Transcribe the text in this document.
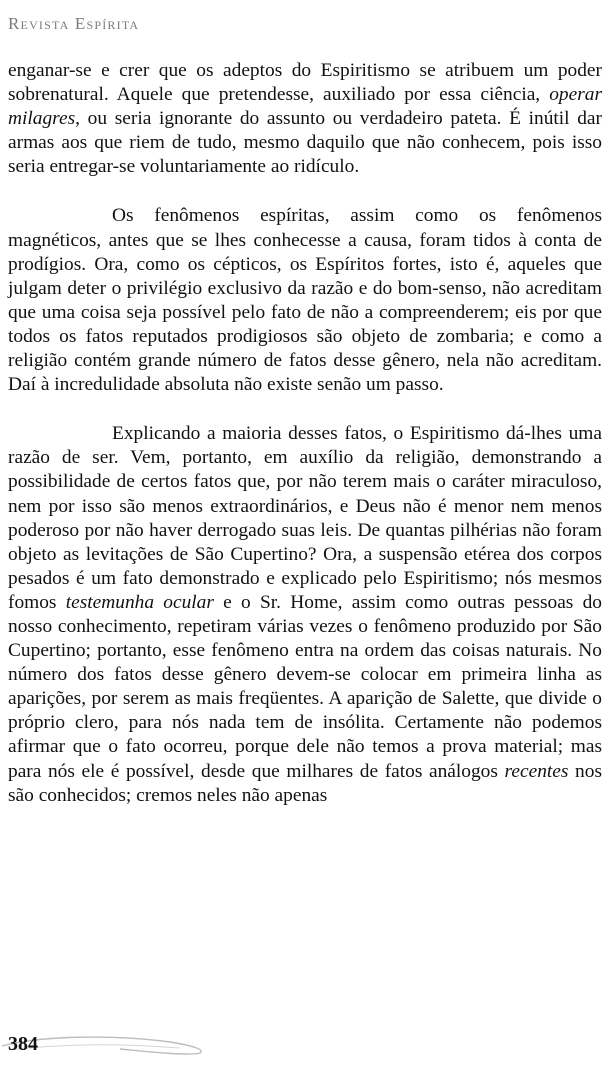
Revista Espírita

enganar-se e crer que os adeptos do Espiritismo se atribuem um poder sobrenatural. Aquele que pretendesse, auxiliado por essa ciência, operar milagres, ou seria ignorante do assunto ou verdadeiro pateta. É inútil dar armas aos que riem de tudo, mesmo daquilo que não conhecem, pois isso seria entregar-se voluntariamente ao ridículo.

Os fenômenos espíritas, assim como os fenômenos magnéticos, antes que se lhes conhecesse a causa, foram tidos à conta de prodígios. Ora, como os cépticos, os Espíritos fortes, isto é, aqueles que julgam deter o privilégio exclusivo da razão e do bom-senso, não acreditam que uma coisa seja possível pelo fato de não a compreenderem; eis por que todos os fatos reputados prodigiosos são objeto de zombaria; e como a religião contém grande número de fatos desse gênero, nela não acreditam. Daí à incredulidade absoluta não existe senão um passo.

Explicando a maioria desses fatos, o Espiritismo dá-lhes uma razão de ser. Vem, portanto, em auxílio da religião, demonstrando a possibilidade de certos fatos que, por não terem mais o caráter miraculoso, nem por isso são menos extraordinários, e Deus não é menor nem menos poderoso por não haver derrogado suas leis. De quantas pilhérias não foram objeto as levitações de São Cupertino? Ora, a suspensão etérea dos corpos pesados é um fato demonstrado e explicado pelo Espiritismo; nós mesmos fomos testemunha ocular e o Sr. Home, assim como outras pessoas do nosso conhecimento, repetiram várias vezes o fenômeno produzido por São Cupertino; portanto, esse fenômeno entra na ordem das coisas naturais. No número dos fatos desse gênero devem-se colocar em primeira linha as aparições, por serem as mais freqüentes. A aparição de Salette, que divide o próprio clero, para nós nada tem de insólita. Certamente não podemos afirmar que o fato ocorreu, porque dele não temos a prova material; mas para nós ele é possível, desde que milhares de fatos análogos recentes nos são conhecidos; cremos neles não apenas

384
